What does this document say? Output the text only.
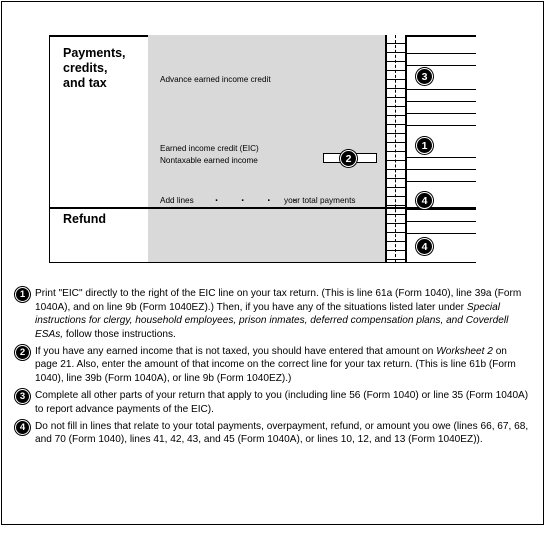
Payments,
credits,
and tax	Advance earned income credit
Earned income credit (EIC)
Nontaxable earned income
Add lines . . . .
your total payments
Refund
3
1
2
4
4
1 Print "EIC" directly to the right of the EIC line on your tax return. (This is line 61a (Form 1040), line 39a (Form 1040A), and on line 9b (Form 1040EZ).) Then, if you have any of the situations listed later under Special instructions for clergy, household employees, prison inmates, deferred compensation plans, and Coverdell ESAs, follow those instructions.
2 If you have any earned income that is not taxed, you should have entered that amount on Worksheet 2 on page 21. Also, enter the amount of that income on the correct line for your tax return. (This is line 61b (Form 1040), line 39b (Form 1040A), or line 9b (Form 1040EZ).)
3 Complete all other parts of your return that apply to you (including line 56 (Form 1040) or line 35 (Form 1040A) to report advance payments of the EIC).
4 Do not fill in lines that relate to your total payments, overpayment, refund, or amount you owe (lines 66, 67, 68, and 70 (Form 1040), lines 41, 42, 43, and 45 (Form 1040A), or lines 10, 12, and 13 (Form 1040EZ)).
